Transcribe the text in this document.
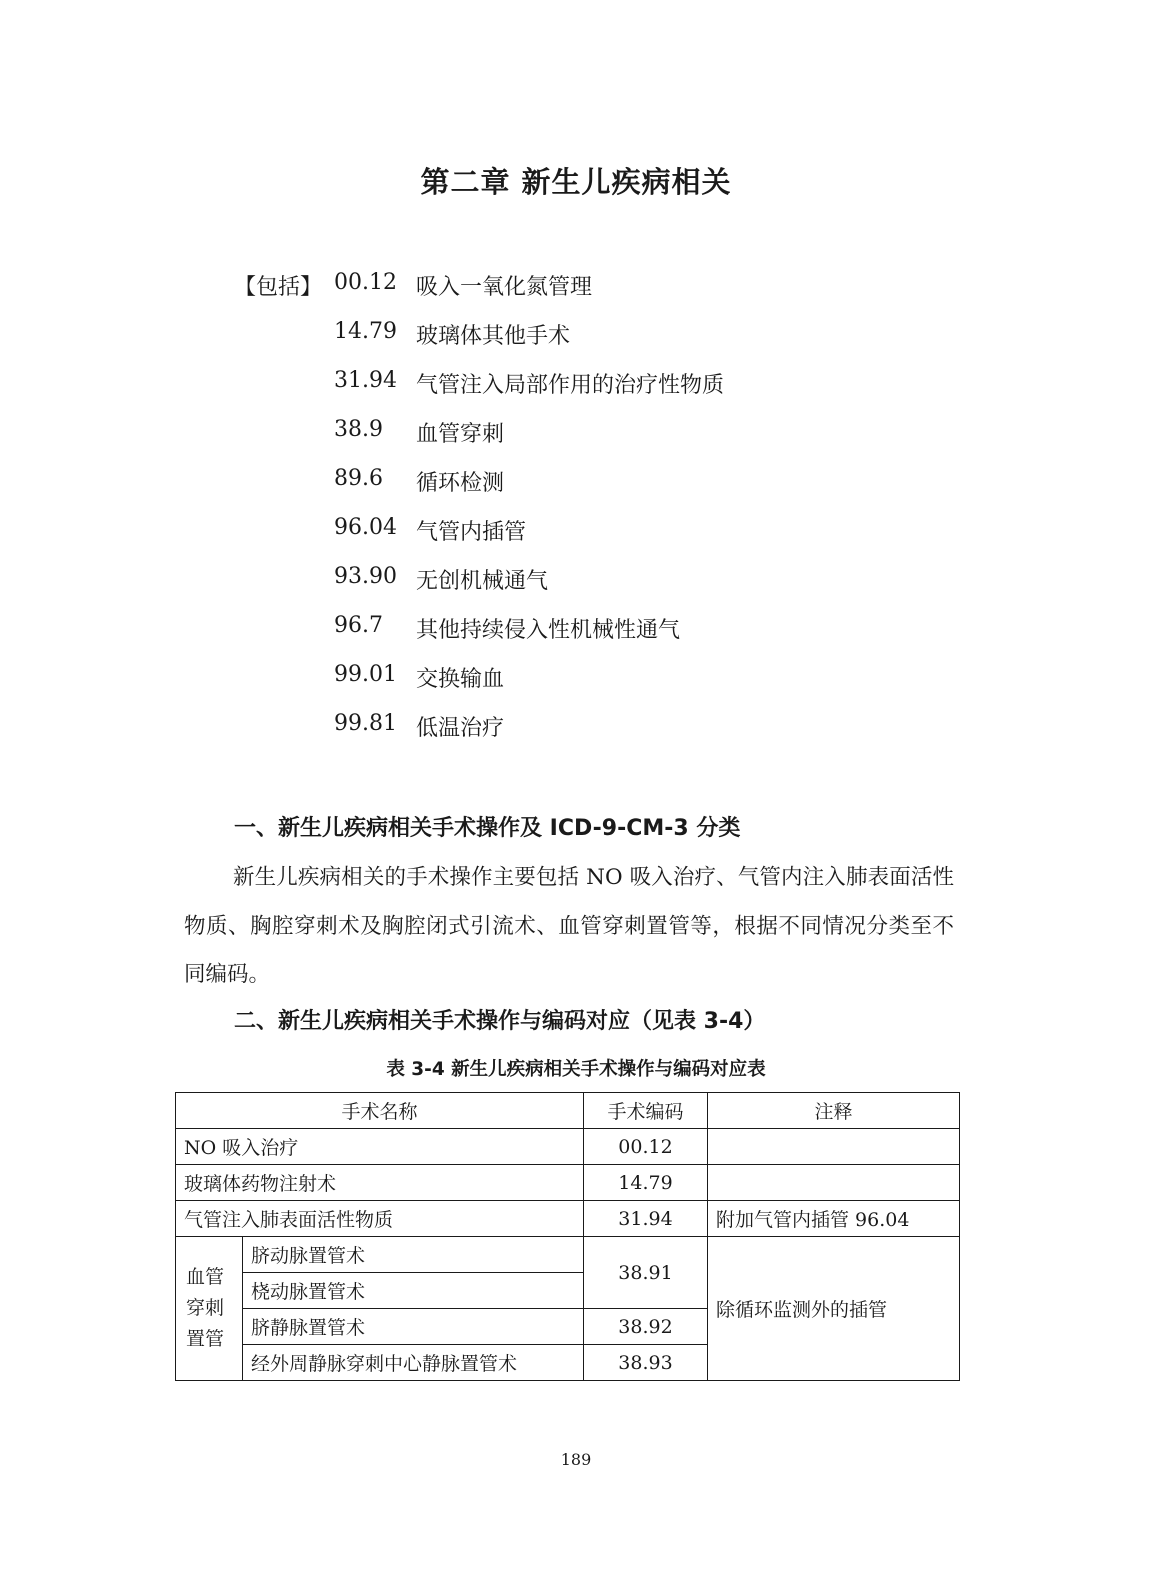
第二章 新生儿疾病相关
【包括】 00.12 吸入一氧化氮管理
14.79 玻璃体其他手术
31.94 气管注入局部作用的治疗性物质
38.9 血管穿刺
89.6 循环检测
96.04 气管内插管
93.90 无创机械通气
96.7 其他持续侵入性机械性通气
99.01 交换输血
99.81 低温治疗
一、新生儿疾病相关手术操作及 ICD-9-CM-3 分类

新生儿疾病相关的手术操作主要包括 NO 吸入治疗、气管内注入肺表面活性物质、胸腔穿刺术及胸腔闭式引流术、血管穿刺置管等，根据不同情况分类至不同编码。

二、新生儿疾病相关手术操作与编码对应（见表 3-4）
表 3-4 新生儿疾病相关手术操作与编码对应表
手术名称		手术编码	注释
NO 吸入治疗		00.12	
玻璃体药物注射术		14.79	
气管注入肺表面活性物质		31.94	附加气管内插管 96.04
血管穿刺置管	脐动脉置管术	38.91	除循环监测外的插管
	桡动脉置管术		
	脐静脉置管术	38.92	
	经外周静脉穿刺中心静脉置管术	38.93	
189
